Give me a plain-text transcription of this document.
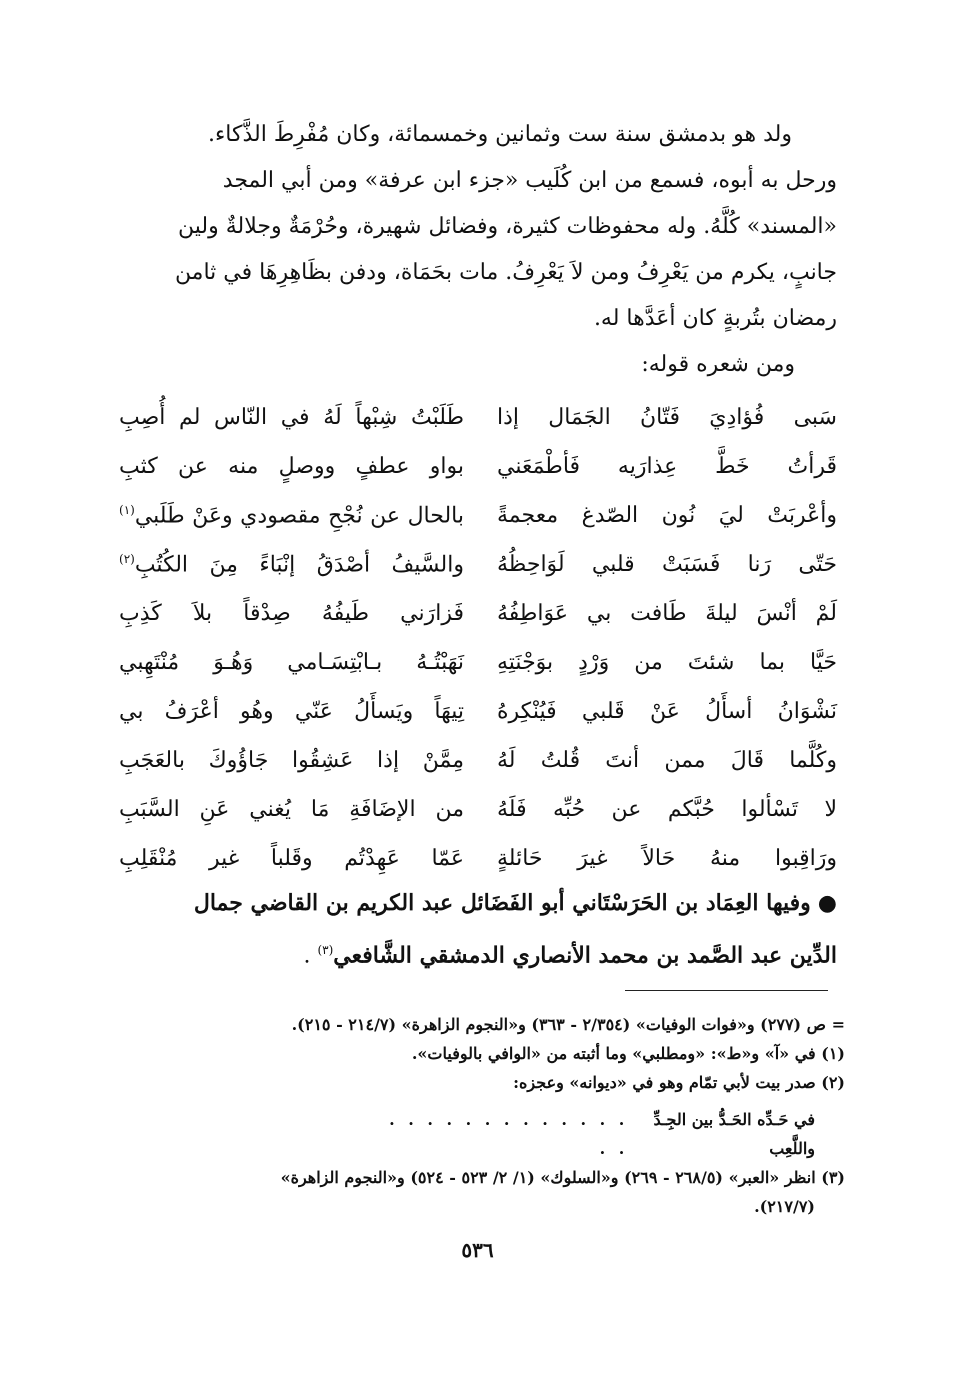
ولد هو بدمشق سنة ست وثمانين وخمسمائة، وكان مُفْرِطَ الذَّكاء.

ورحل به أبوه، فسمع من ابن كُلَيب «جزء ابن عرفة» ومن أبي المجد

«المسند» كُلَّهُ. وله محفوظات كثيرة، وفضائل شهيرة، وحُرْمَةٌ وجلالةٌ ولين

جانبٍ، يكرم من يَعْرِفُ ومن لاَ يَعْرِفُ. مات بحَمَاة، ودفن بظَاهِرِهَا في ثامن

رمضان بتُربةٍ كان أعَدَّها له.

ومن شعره قوله:

سَبى فُؤادِيَ فَتّانُ الجَمَال إذا
طَلَبْتُ شِبْهاً لَهُ في النّاس لم أُصِبِ
قَرأتُ خَطَّ عِذارَيه فَأطْمَعَني
بواو عطفٍ ووصلٍ منه عن كثبِ
وأعْربَتْ ليَ نُون الصّدغ معجمةً
بالحال عن نُجْحِ مقصودي وعَنْ طَلَبي$^{(١)}$
حَتّى رَنا فَسَبَتْ قلبي لَوَاحِظُهُ
والسَّيفُ أصْدَقُ إنْبَاءً مِنَ الكُتُبِ$^{(٢)}$
لَمْ أنْسَ ليلةَ طَافت بي عَوَاطِفُهُ
فَزارَني طَيفُهُ صِدْقاً بلاَ كَذِبِ
حَيَّا بما شئتَ من وَرْدٍ بوَجْنَتِهِ
نَهَبْتُـهُ بـابْتِسَـامي وَهُـوَ مُنْتَهِبي
نَشْوَانُ أسأَلُ عَنْ قَلبي فَيُنْكِرهُ
تِيهَاً ويَسأَلُ عَنّي وهُو أعْرَفُ بي
وكُلَّما قَالَ ممن أنتَ قُلتُ لَهُ
مِمَّنْ إذا عَشِقُوا جَاؤُوكَ بالعَجَبِ
لا تَسْألوا حُبَّكم عن حُبِّه فَلَهُ
من الإضَافَةِ مَا يُغني عَنِ السَّبَبِ
ورَاقِبوا منهُ حَالاً غيرَ حَائلةٍ
عَمّا عَهِدْتُم وقَلباً غير مُنْقَلِبِ

● وفيها العِمَاد بن الحَرَسْتَاني أبو الفَضَائل عبد الكريم بن القاضي جمال

الدِّين عبد الصَّمد بن محمد الأنصاري الدمشقي الشَّافعي$^{(٣)}$ .

= ص (٢٧٧) و«فوات الوفيات» (٢/٣٥٤ - ٣٦٣) و«النجوم الزاهرة» (٢١٤/٧ - ٢١٥).

(١) في «آ» و«ط»: «ومطلبي» وما أثبته من «الوافي بالوفيات».

(٢) صدر بيت لأبي تمّام وهو في «ديوانه» وعجزه:

في حَـدِّه الحَـدُّ بين الجِـدِّ واللَّعِب
. . . . . . . . . . . . . . .

(٣) انظر «العبر» (٢٦٨/٥ - ٢٦٩) و«السلوك» (١/ ٢/ ٥٢٣ - ٥٢٤) و«النجوم الزاهرة»

(٢١٧/٧).

٥٣٦
